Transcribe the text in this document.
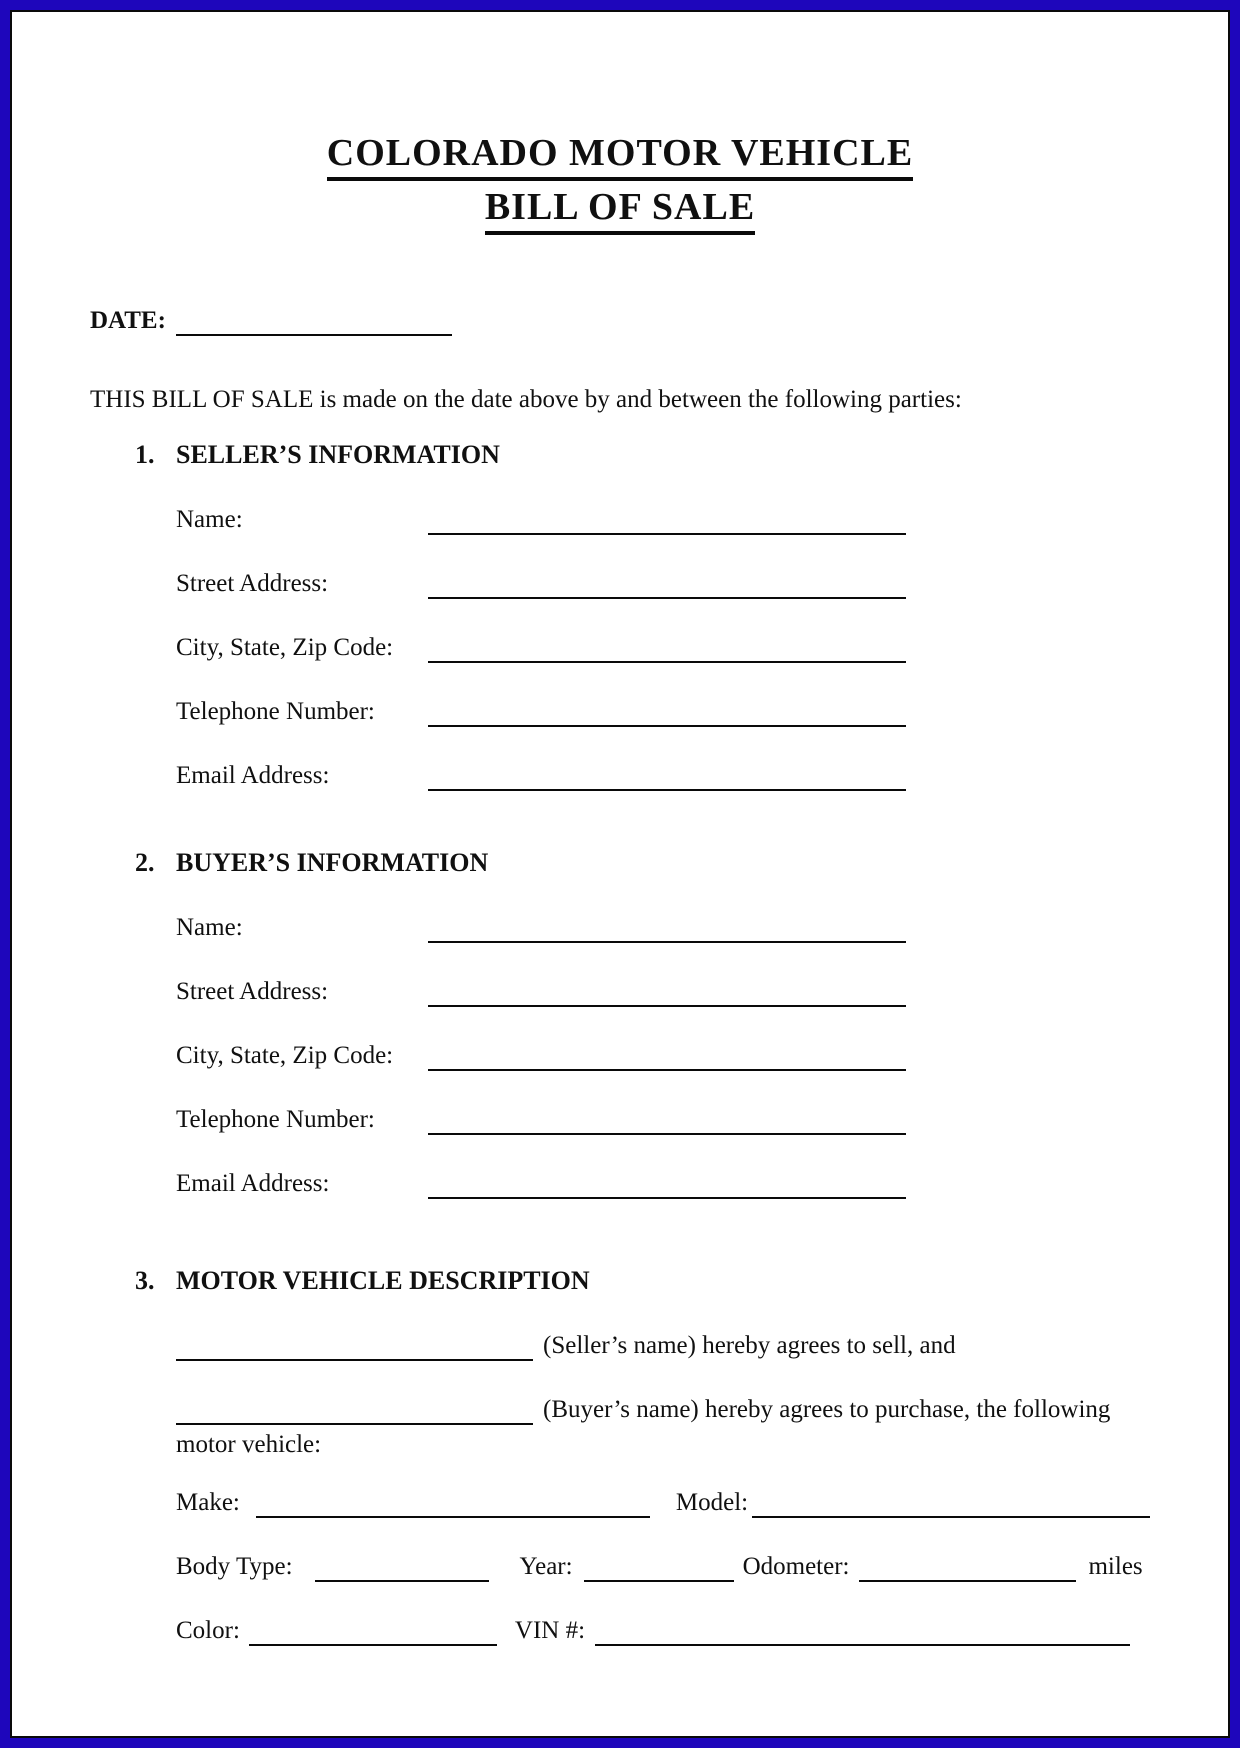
COLORADO MOTOR VEHICLE
BILL OF SALE
DATE:
THIS BILL OF SALE is made on the date above by and between the following parties:
1. SELLER’S INFORMATION
Name:
Street Address:
City, State, Zip Code:
Telephone Number:
Email Address:
2. BUYER’S INFORMATION
Name:
Street Address:
City, State, Zip Code:
Telephone Number:
Email Address:
3. MOTOR VEHICLE DESCRIPTION
(Seller’s name) hereby agrees to sell, and
(Buyer’s name) hereby agrees to purchase, the following
motor vehicle:
Make:	Model:
Body Type:	Year:	Odometer:	miles
Color:	VIN #:
